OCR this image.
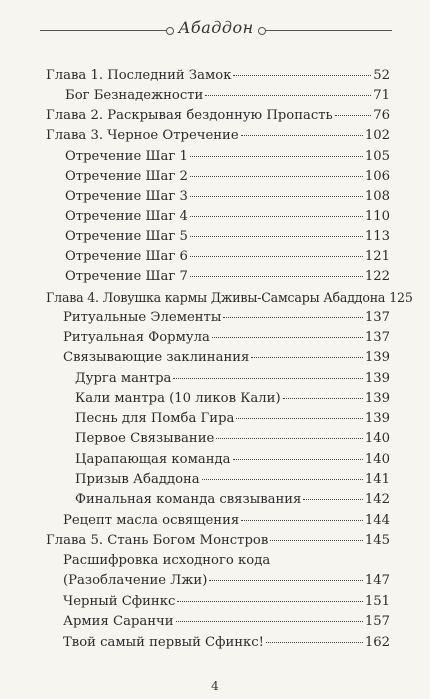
Абаддон
Глава 1. Последний Замок	52
Бог Безнадежности	71
Глава 2. Раскрывая бездонную Пропасть	76
Глава 3. Черное Отречение	102
Отречение Шаг 1	105
Отречение Шаг 2	106
Отречение Шаг 3	108
Отречение Шаг 4	110
Отречение Шаг 5	113
Отречение Шаг 6	121
Отречение Шаг 7	122
Глава 4. Ловушка кармы Дживы-Самсары Абаддона 125
Ритуальные Элементы	137
Ритуальная Формула	137
Связывающие заклинания	139
Дурга мантра	139
Кали мантра (10 ликов Кали)	139
Песнь для Помба Гира	139
Первое Связывание	140
Царапающая команда	140
Призыв Абаддона	141
Финальная команда связывания	142
Рецепт масла освящения	144
Глава 5. Стань Богом Монстров	145
Расшифровка исходного кода
(Разоблачение Лжи)	147
Черный Сфинкс	151
Армия Саранчи	157
Твой самый первый Сфинкс!	162
4
